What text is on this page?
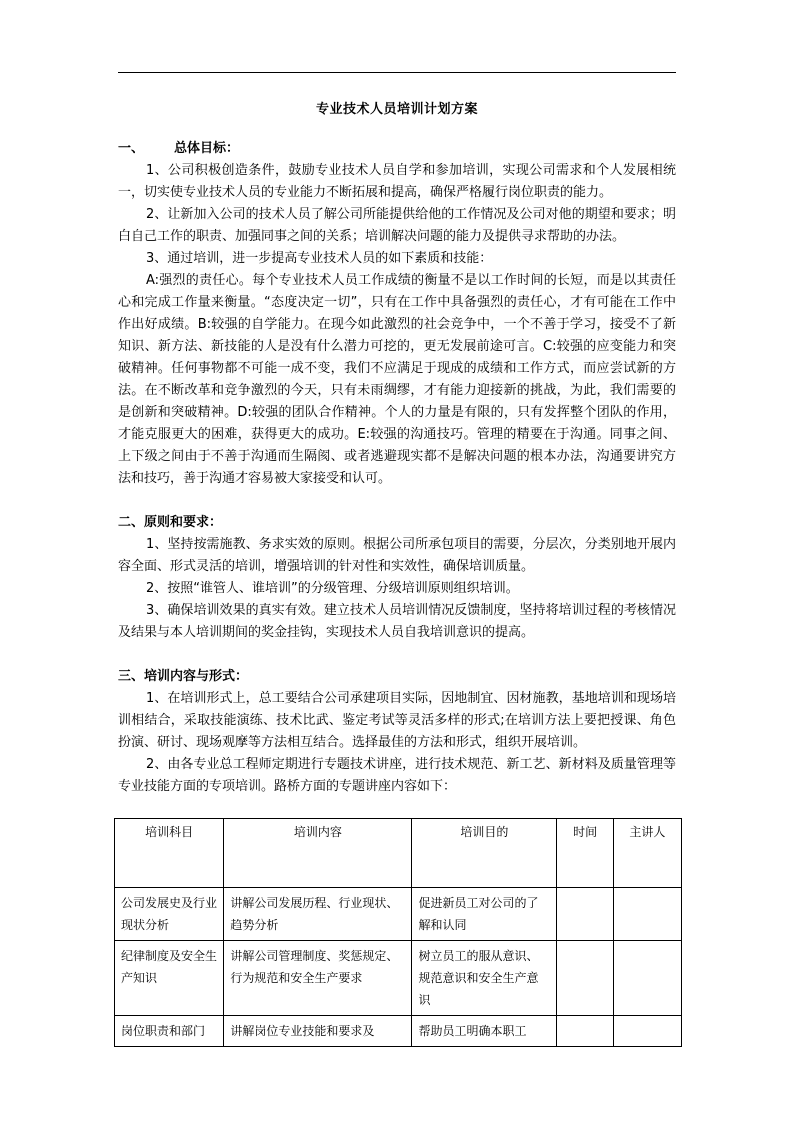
专业技术人员培训计划方案
一、	总体目标：

1、公司积极创造条件，鼓励专业技术人员自学和参加培训，实现公司需求和个人发展相统一，切实使专业技术人员的专业能力不断拓展和提高，确保严格履行岗位职责的能力。

2、让新加入公司的技术人员了解公司所能提供给他的工作情况及公司对他的期望和要求；明白自己工作的职责、加强同事之间的关系；培训解决问题的能力及提供寻求帮助的办法。

3、通过培训，进一步提高专业技术人员的如下素质和技能：

A:强烈的责任心。每个专业技术人员工作成绩的衡量不是以工作时间的长短，而是以其责任心和完成工作量来衡量。“态度决定一切”，只有在工作中具备强烈的责任心，才有可能在工作中作出好成绩。B:较强的自学能力。在现今如此激烈的社会竞争中，一个不善于学习，接受不了新知识、新方法、新技能的人是没有什么潜力可挖的，更无发展前途可言。C:较强的应变能力和突破精神。任何事物都不可能一成不变，我们不应满足于现成的成绩和工作方式，而应尝试新的方法。在不断改革和竞争激烈的今天，只有未雨绸缪，才有能力迎接新的挑战，为此，我们需要的是创新和突破精神。D:较强的团队合作精神。个人的力量是有限的，只有发挥整个团队的作用，才能克服更大的困难，获得更大的成功。E:较强的沟通技巧。管理的精要在于沟通。同事之间、上下级之间由于不善于沟通而生隔阂、或者逃避现实都不是解决问题的根本办法，沟通要讲究方法和技巧，善于沟通才容易被大家接受和认可。

二、原则和要求：

1、坚持按需施教、务求实效的原则。根据公司所承包项目的需要，分层次，分类别地开展内容全面、形式灵活的培训，增强培训的针对性和实效性，确保培训质量。

2、按照“谁管人、谁培训”的分级管理、分级培训原则组织培训。

3、确保培训效果的真实有效。建立技术人员培训情况反馈制度，坚持将培训过程的考核情况及结果与本人培训期间的奖金挂钩，实现技术人员自我培训意识的提高。

三、培训内容与形式：

1、在培训形式上，总工要结合公司承建项目实际，因地制宜、因材施教，基地培训和现场培训相结合，采取技能演练、技术比武、鉴定考试等灵活多样的形式;在培训方法上要把授课、角色扮演、研讨、现场观摩等方法相互结合。选择最佳的方法和形式，组织开展培训。

2、由各专业总工程师定期进行专题技术讲座，进行技术规范、新工艺、新材料及质量管理等专业技能方面的专项培训。路桥方面的专题讲座内容如下：

培训科目	培训内容	培训目的	时间	主讲人
公司发展史及行业现状分析	讲解公司发展历程、行业现状、趋势分析	促进新员工对公司的了解和认同		
纪律制度及安全生产知识	讲解公司管理制度、奖惩规定、行为规范和安全生产要求	树立员工的服从意识、规范意识和安全生产意识		
岗位职责和部门	讲解岗位专业技能和要求及	帮助员工明确本职工		
